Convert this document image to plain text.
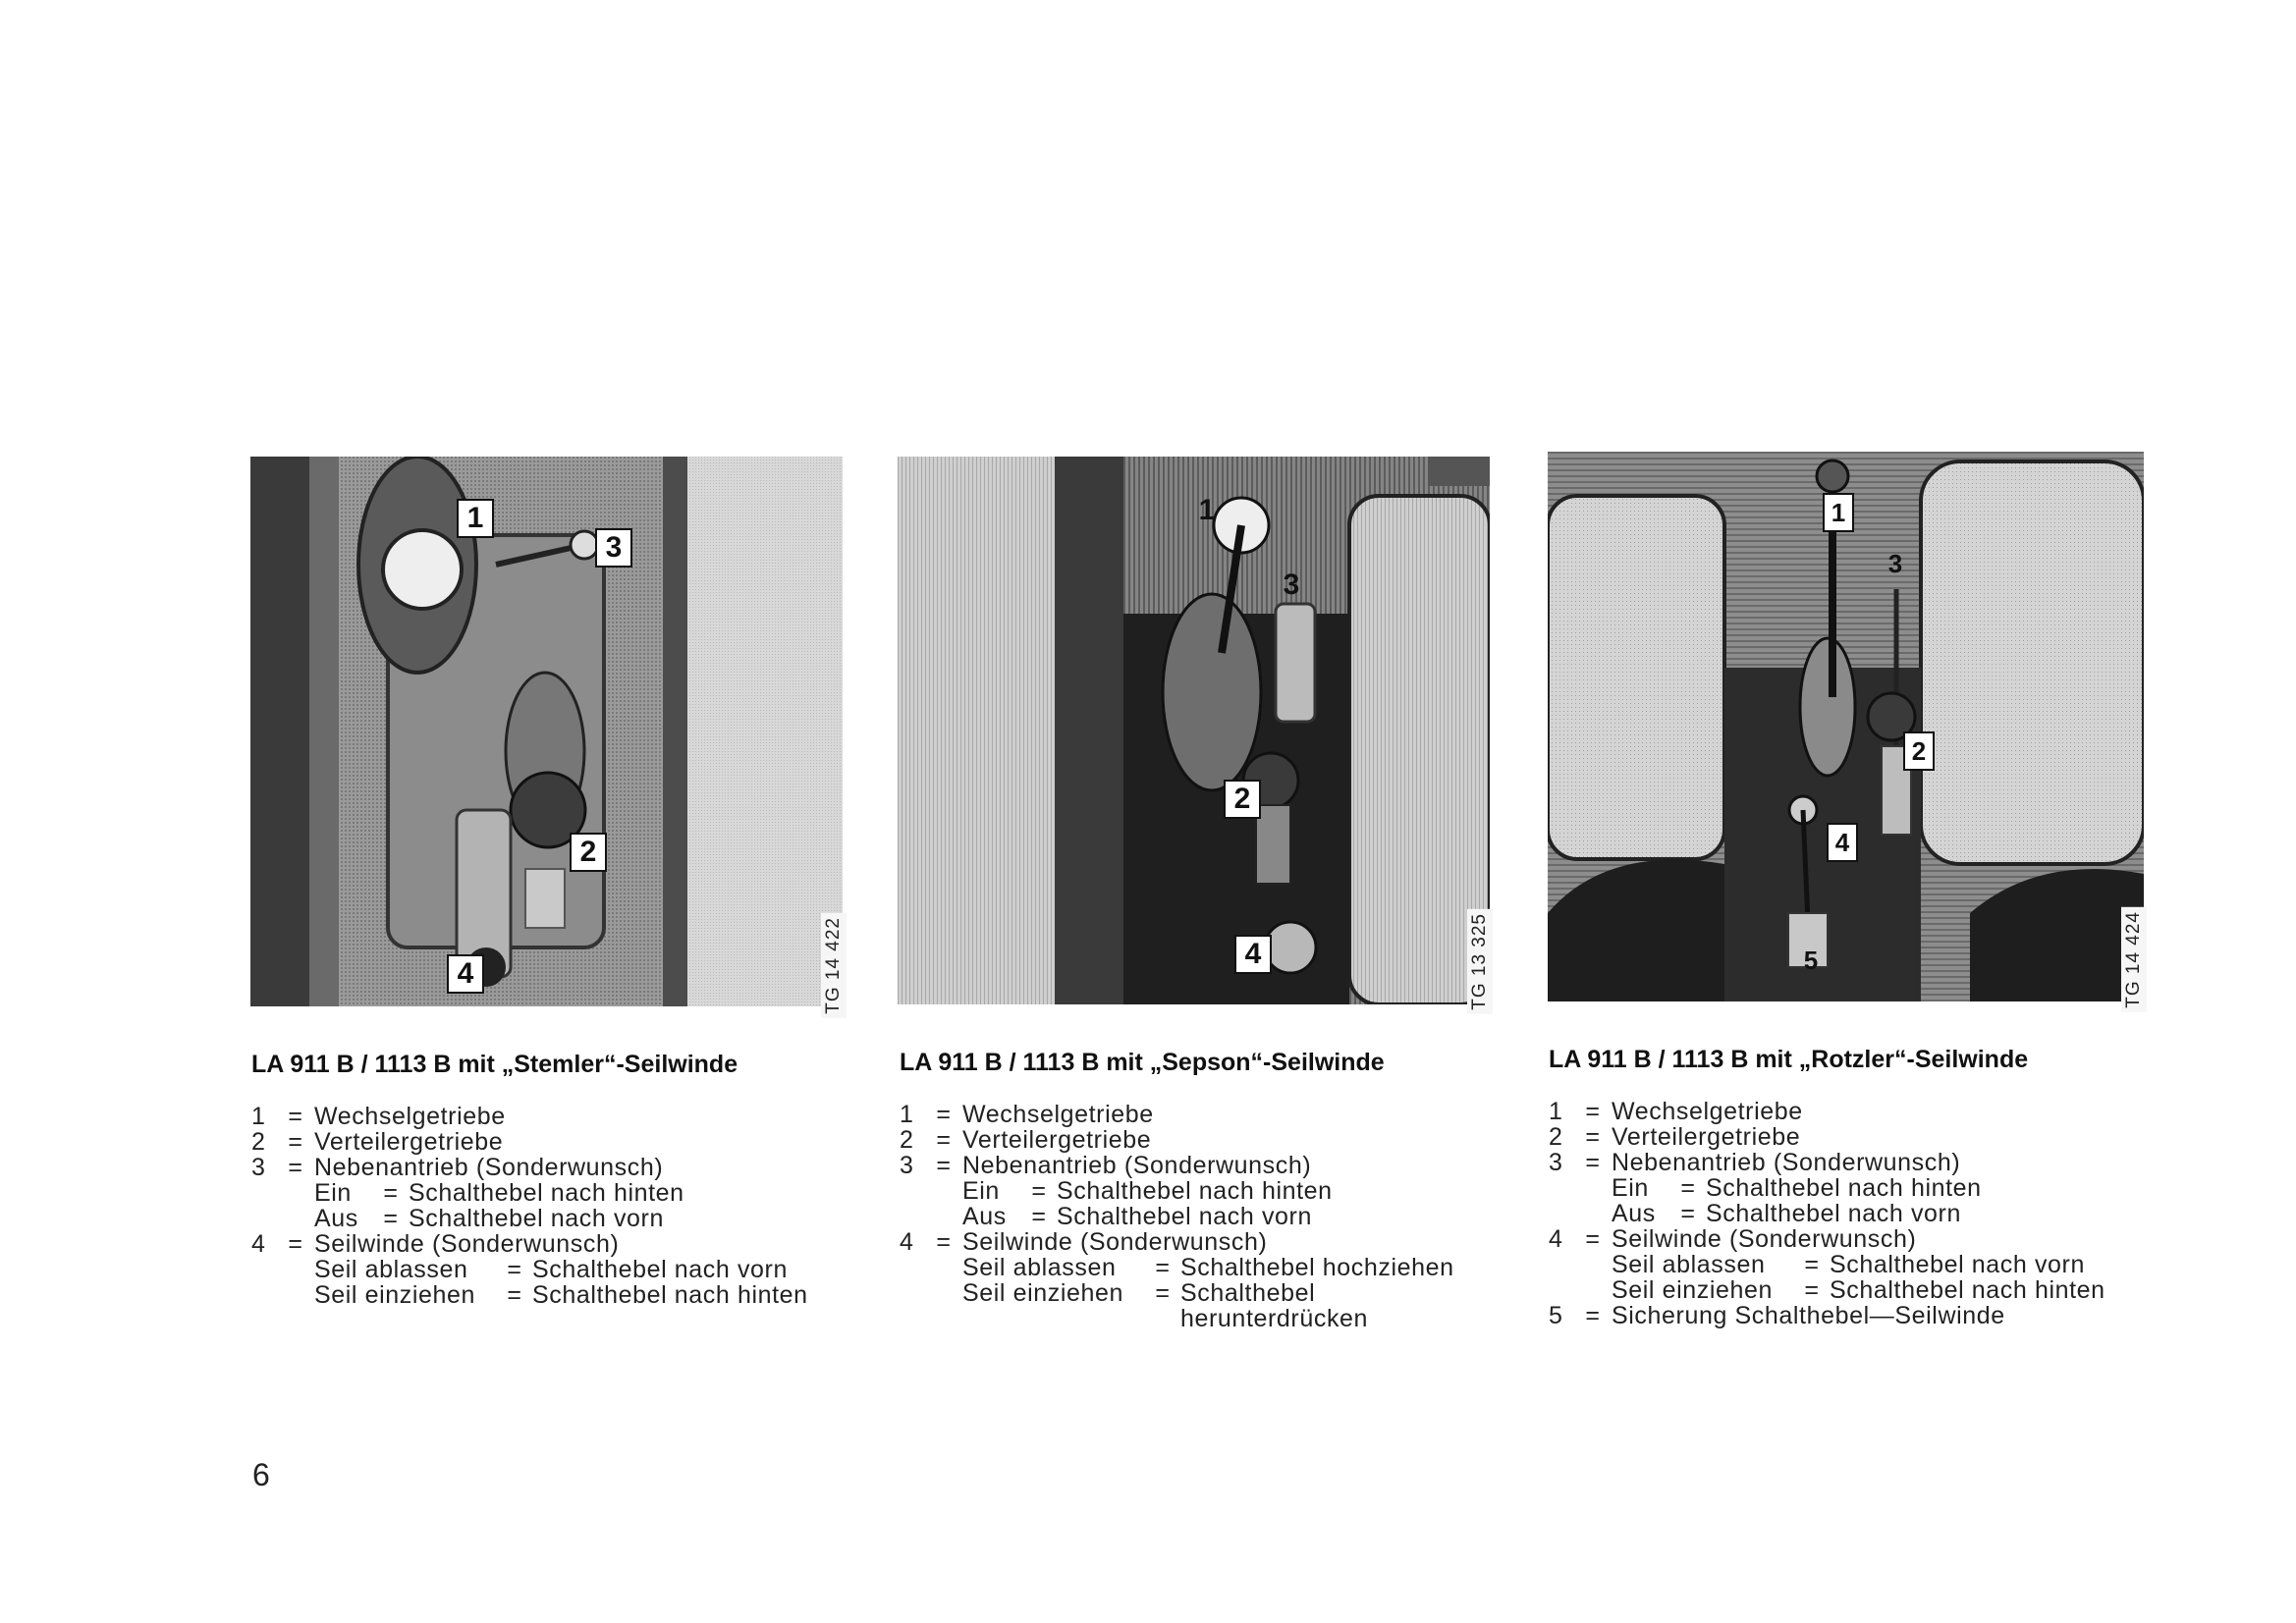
1
3
2
4	TG 14 422
LA 911 B / 1113 B mit „Stemler“-Seilwinde
1 = Wechselgetriebe
2 = Verteilergetriebe
3 = Nebenantrieb (Sonderwunsch)
Ein	= Schalthebel nach hinten
Aus	= Schalthebel nach vorn
4 = Seilwinde (Sonderwunsch)
Seil ablassen	= Schalthebel nach vorn
Seil einziehen	= Schalthebel nach hinten
1
3
2
4	TG 13 325
LA 911 B / 1113 B mit „Sepson“-Seilwinde
1 = Wechselgetriebe
2 = Verteilergetriebe
3 = Nebenantrieb (Sonderwunsch)
Ein	= Schalthebel nach hinten
Aus	= Schalthebel nach vorn
4 = Seilwinde (Sonderwunsch)
Seil ablassen	= Schalthebel hochziehen
Seil einziehen	= Schalthebel
herunterdrücken
1
3
2
4
5	TG 14 424
LA 911 B / 1113 B mit „Rotzler“-Seilwinde
1 = Wechselgetriebe
2 = Verteilergetriebe
3 = Nebenantrieb (Sonderwunsch)
Ein	= Schalthebel nach hinten
Aus	= Schalthebel nach vorn
4 = Seilwinde (Sonderwunsch)
Seil ablassen	= Schalthebel nach vorn
Seil einziehen	= Schalthebel nach hinten
5 = Sicherung Schalthebel—Seilwinde
6
